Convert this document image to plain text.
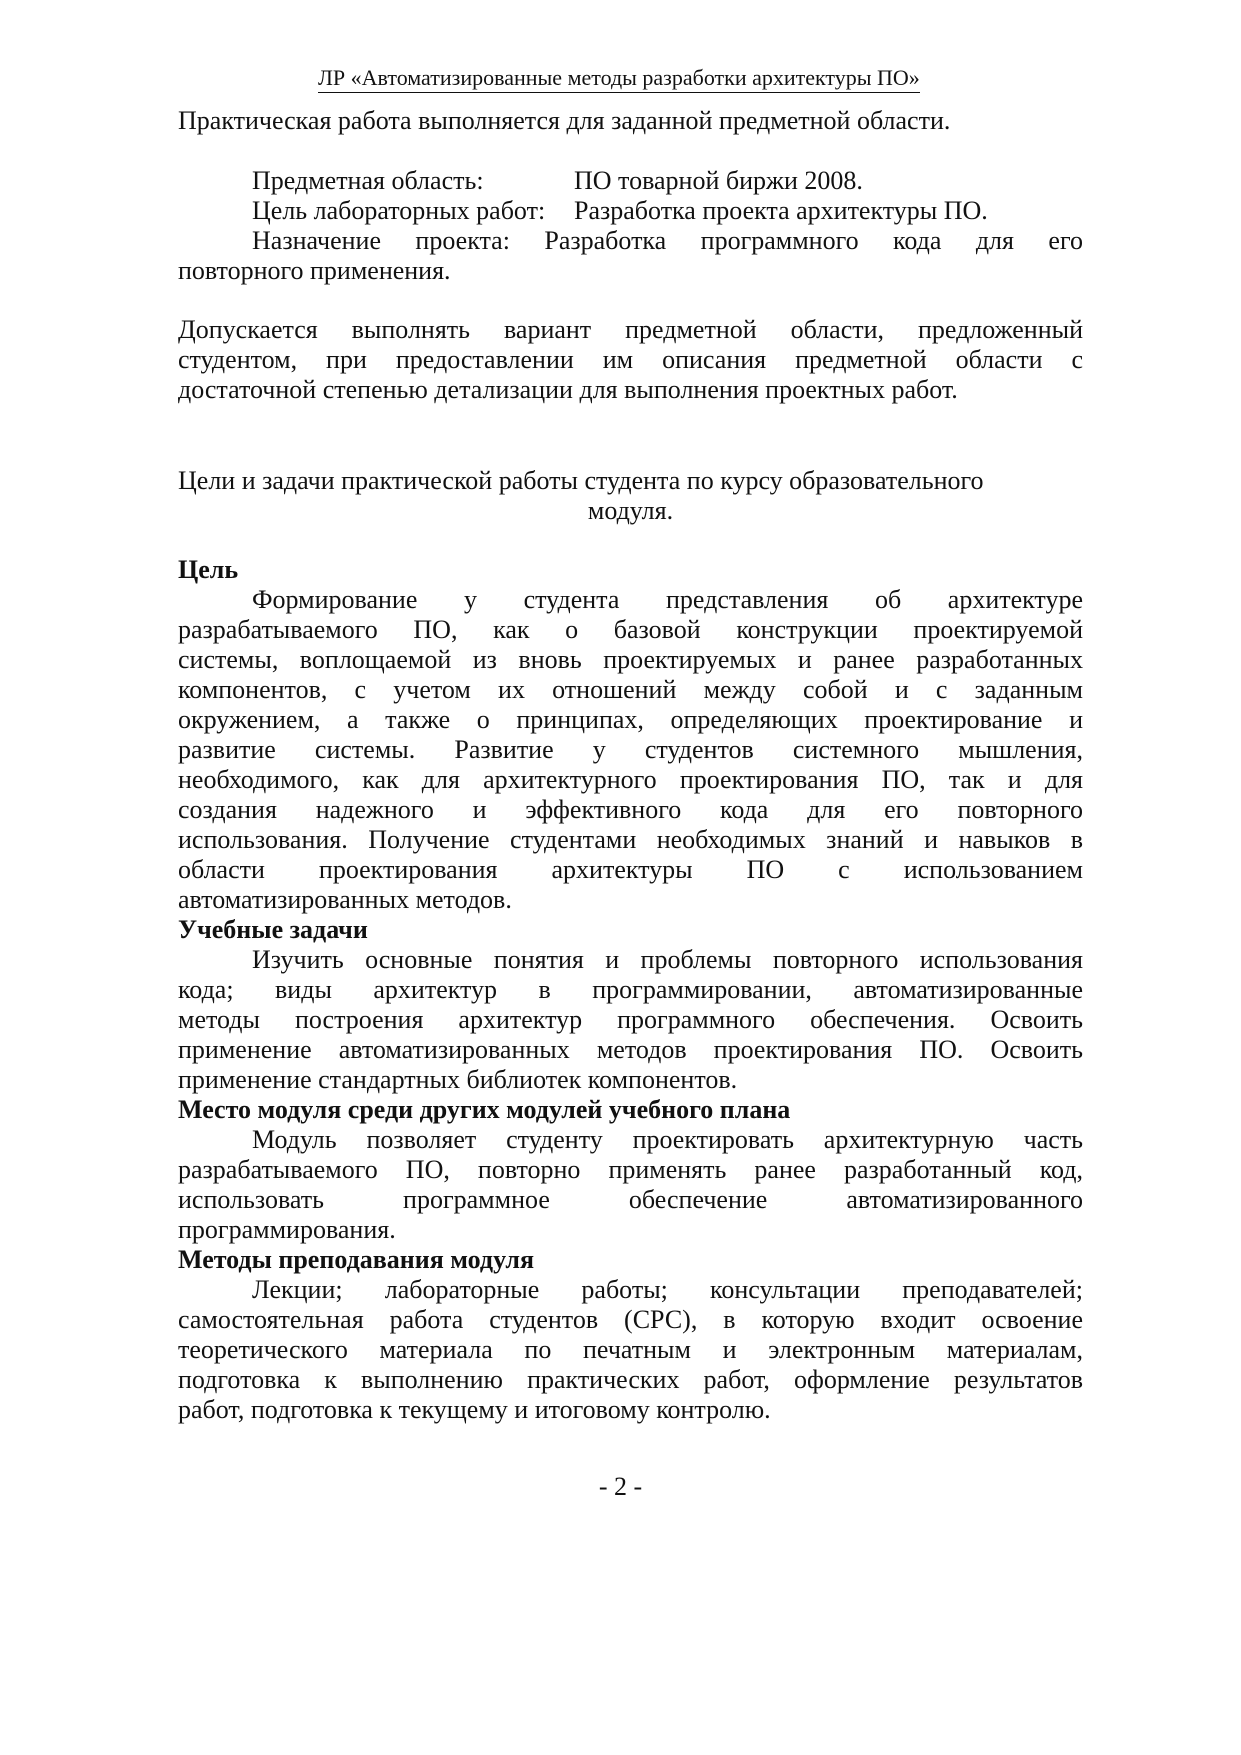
ЛР «Автоматизированные методы разработки архитектуры ПО»
Практическая работа выполняется для заданной предметной области.
Предметная область:	ПО товарной биржи 2008.
Цель лабораторных работ:	Разработка проекта архитектуры ПО.
Назначение проекта: Разработка программного кода для его
повторного применения.
Допускается выполнять вариант предметной области, предложенный
студентом, при предоставлении им описания предметной области с
достаточной степенью детализации для выполнения проектных работ.
Цели и задачи практической работы студента по курсу образовательного
модуля.
Цель
Формирование у студента представления об архитектуре
разрабатываемого ПО, как о базовой конструкции проектируемой
системы, воплощаемой из вновь проектируемых и ранее разработанных
компонентов, с учетом их отношений между собой и с заданным
окружением, а также о принципах, определяющих проектирование и
развитие системы. Развитие у студентов системного мышления,
необходимого, как для архитектурного проектирования ПО, так и для
создания надежного и эффективного кода для его повторного
использования. Получение студентами необходимых знаний и навыков в
области проектирования архитектуры ПО с использованием
автоматизированных методов.
Учебные задачи
Изучить основные понятия и проблемы повторного использования
кода; виды архитектур в программировании, автоматизированные
методы построения архитектур программного обеспечения. Освоить
применение автоматизированных методов проектирования ПО. Освоить
применение стандартных библиотек компонентов.
Место модуля среди других модулей учебного плана
Модуль позволяет студенту проектировать архитектурную часть
разрабатываемого ПО, повторно применять ранее разработанный код,
использовать программное обеспечение автоматизированного
программирования.
Методы преподавания модуля
Лекции; лабораторные работы; консультации преподавателей;
самостоятельная работа студентов (СРС), в которую входит освоение
теоретического материала по печатным и электронным материалам,
подготовка к выполнению практических работ, оформление результатов
работ, подготовка к текущему и итоговому контролю.
- 2 -
